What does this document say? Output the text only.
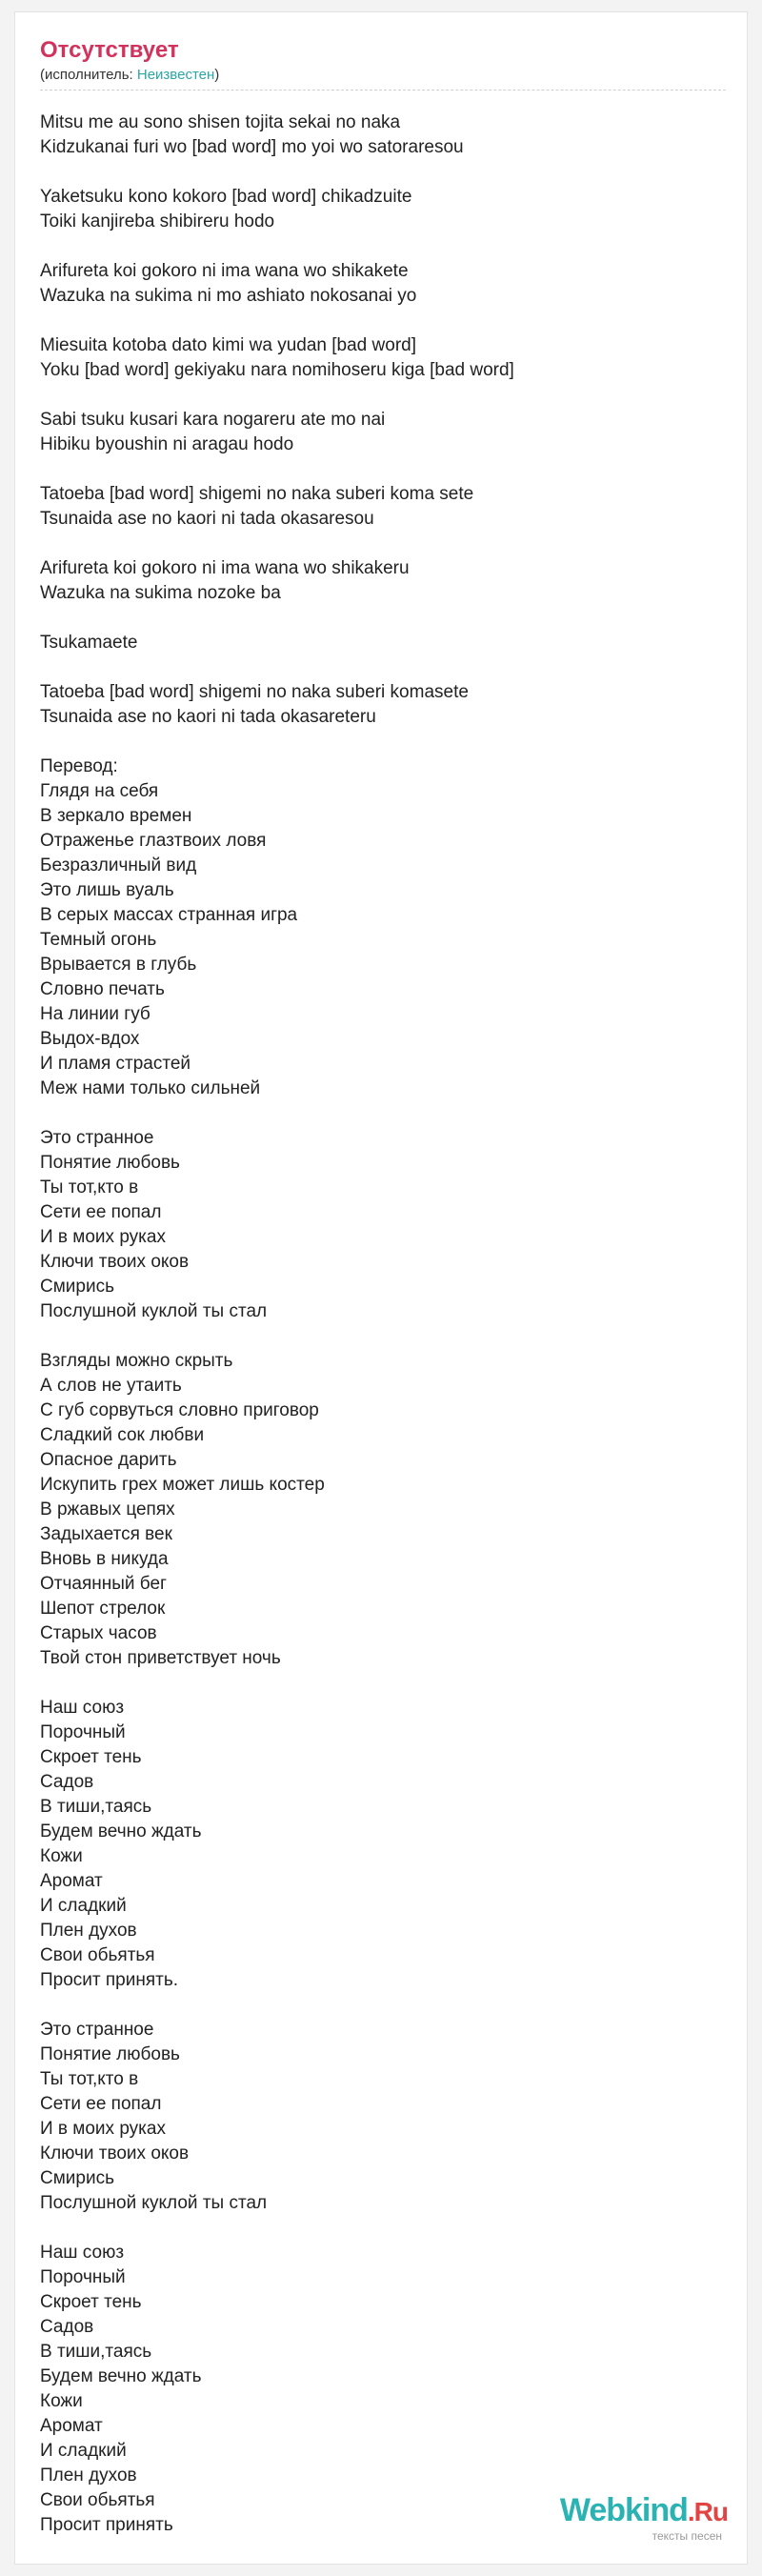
Отсутствует
(исполнитель: Неизвестен)
Mitsu me au sono shisen tojita sekai no naka
Kidzukanai furi wo [bad word] mo yoi wo satoraresou

Yaketsuku kono kokoro [bad word] chikadzuite
Toiki kanjireba shibireru hodo

Arifureta koi gokoro ni ima wana wo shikakete
Wazuka na sukima ni mo ashiato nokosanai yo

Miesuita kotoba dato kimi wa yudan [bad word]
Yoku [bad word] gekiyaku nara nomihoseru kiga [bad word]

Sabi tsuku kusari kara nogareru ate mo nai
Hibiku byoushin ni aragau hodo

Tatoeba [bad word] shigemi no naka suberi koma sete
Tsunaida ase no kaori ni tada okasaresou

Arifureta koi gokoro ni ima wana wo shikakeru
Wazuka na sukima nozoke ba

Tsukamaete

Tatoeba [bad word] shigemi no naka suberi komasete
Tsunaida ase no kaori ni tada okasareteru

Перевод:
Глядя на себя
В зеркало времен
Отраженье глазтвоих ловя
Безразличный вид
Это лишь вуаль
В серых массах странная игра
Темный огонь
Врывается в глубь
Словно печать
На линии губ
Выдох-вдох
И пламя страстей
Меж нами только сильней

Это странное
Понятие любовь
Ты тот,кто в
Сети ее попал
И в моих руках
Ключи твоих оков
Смирись
Послушной куклой ты стал

Взгляды можно скрыть
А слов не утаить
С губ сорвуться словно приговор
Сладкий сок любви
Опасное дарить
Искупить грех может лишь костер
В ржавых цепях
Задыхается век
Вновь в никуда
Отчаянный бег
Шепот стрелок
Старых часов
Твой стон приветствует ночь

Наш союз
Порочный
Скроет тень
Садов
В тиши,таясь
Будем вечно ждать
Кожи
Аромат
И сладкий
Плен духов
Свои обьятья
Просит принять.

Это странное
Понятие любовь
Ты тот,кто в
Сети ее попал
И в моих руках
Ключи твоих оков
Смирись
Послушной куклой ты стал

Наш союз
Порочный
Скроет тень
Садов
В тиши,таясь
Будем вечно ждать
Кожи
Аромат
И сладкий
Плен духов
Свои обьятья
Просит принять	Webkind.Ru
тексты песен
